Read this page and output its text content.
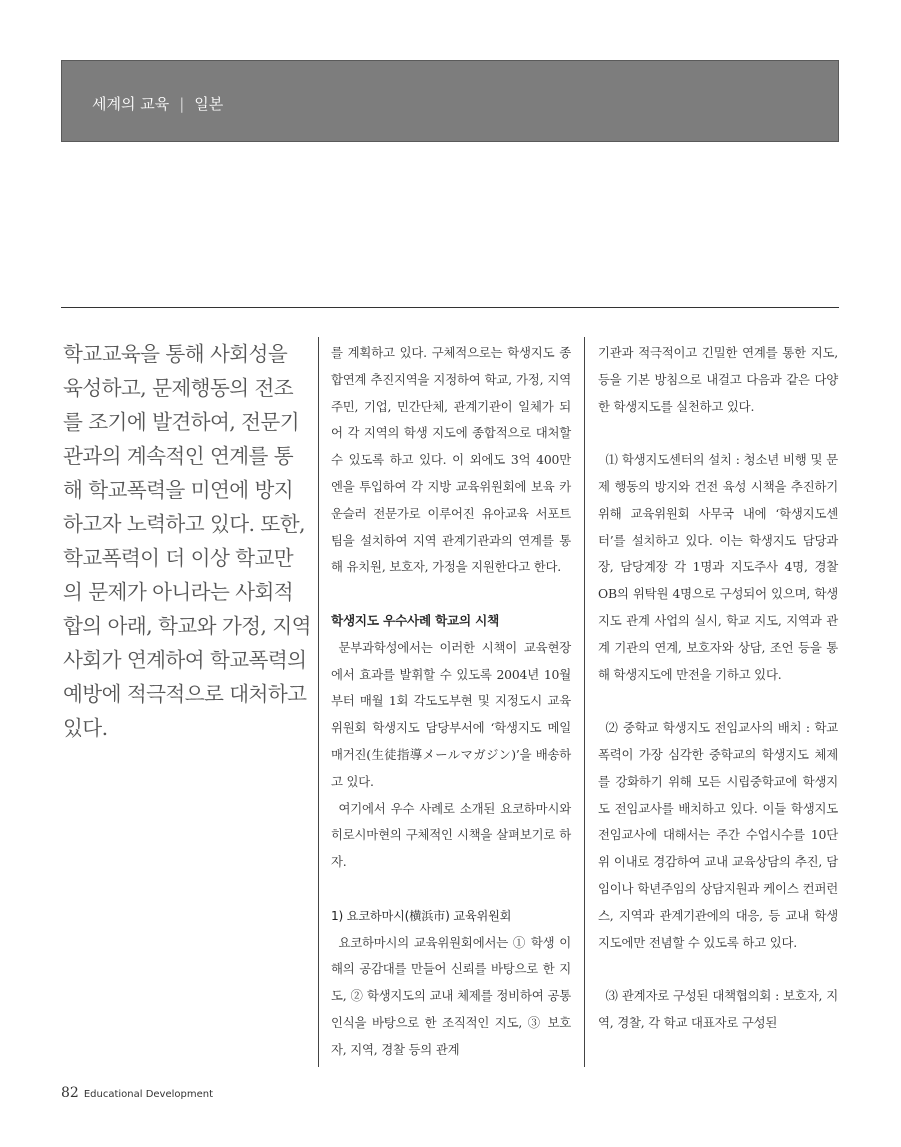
세계의 교육 | 일본

학교교육을 통해 사회성을 육성하고, 문제행동의 전조를 조기에 발견하여, 전문기관과의 계속적인 연계를 통해 학교폭력을 미연에 방지하고자 노력하고 있다. 또한, 학교폭력이 더 이상 학교만의 문제가 아니라는 사회적 합의 아래, 학교와 가정, 지역사회가 연계하여 학교폭력의 예방에 적극적으로 대처하고 있다.

를 계획하고 있다. 구체적으로는 학생지도 종합연계 추진지역을 지정하여 학교, 가정, 지역주민, 기업, 민간단체, 관계기관이 일체가 되어 각 지역의 학생 지도에 종합적으로 대처할 수 있도록 하고 있다. 이 외에도 3억 400만 엔을 투입하여 각 지방 교육위원회에 보육 카운슬러 전문가로 이루어진 유아교육 서포트 팀을 설치하여 지역 관계기관과의 연계를 통해 유치원, 보호자, 가정을 지원한다고 한다.

학생지도 우수사례 학교의 시책

문부과학성에서는 이러한 시책이 교육현장에서 효과를 발휘할 수 있도록 2004년 10월부터 매월 1회 각도도부현 및 지정도시 교육위원회 학생지도 담당부서에 ‘학생지도 메일 매거진(生徒指導メールマガジン)’을 배송하고 있다.

여기에서 우수 사례로 소개된 요코하마시와 히로시마현의 구체적인 시책을 살펴보기로 하자.

1) 요코하마시(横浜市) 교육위원회

요코하마시의 교육위원회에서는 ① 학생 이해의 공감대를 만들어 신뢰를 바탕으로 한 지도, ② 학생지도의 교내 체제를 정비하여 공통인식을 바탕으로 한 조직적인 지도, ③ 보호자, 지역, 경찰 등의 관계

기관과 적극적이고 긴밀한 연계를 통한 지도, 등을 기본 방침으로 내걸고 다음과 같은 다양한 학생지도를 실천하고 있다.

⑴ 학생지도센터의 설치 : 청소년 비행 및 문제 행동의 방지와 건전 육성 시책을 추진하기 위해 교육위원회 사무국 내에 ‘학생지도센터’를 설치하고 있다. 이는 학생지도 담당과장, 담당계장 각 1명과 지도주사 4명, 경찰 OB의 위탁원 4명으로 구성되어 있으며, 학생지도 관계 사업의 실시, 학교 지도, 지역과 관계 기관의 연계, 보호자와 상담, 조언 등을 통해 학생지도에 만전을 기하고 있다.

⑵ 중학교 학생지도 전임교사의 배치 : 학교 폭력이 가장 심각한 중학교의 학생지도 체제를 강화하기 위해 모든 시립중학교에 학생지도 전임교사를 배치하고 있다. 이들 학생지도 전임교사에 대해서는 주간 수업시수를 10단위 이내로 경감하여 교내 교육상담의 추진, 담임이나 학년주임의 상담지원과 케이스 컨퍼런스, 지역과 관계기관에의 대응, 등 교내 학생지도에만 전념할 수 있도록 하고 있다.

⑶ 관계자로 구성된 대책협의회 : 보호자, 지역, 경찰, 각 학교 대표자로 구성된

82 Educational Development
